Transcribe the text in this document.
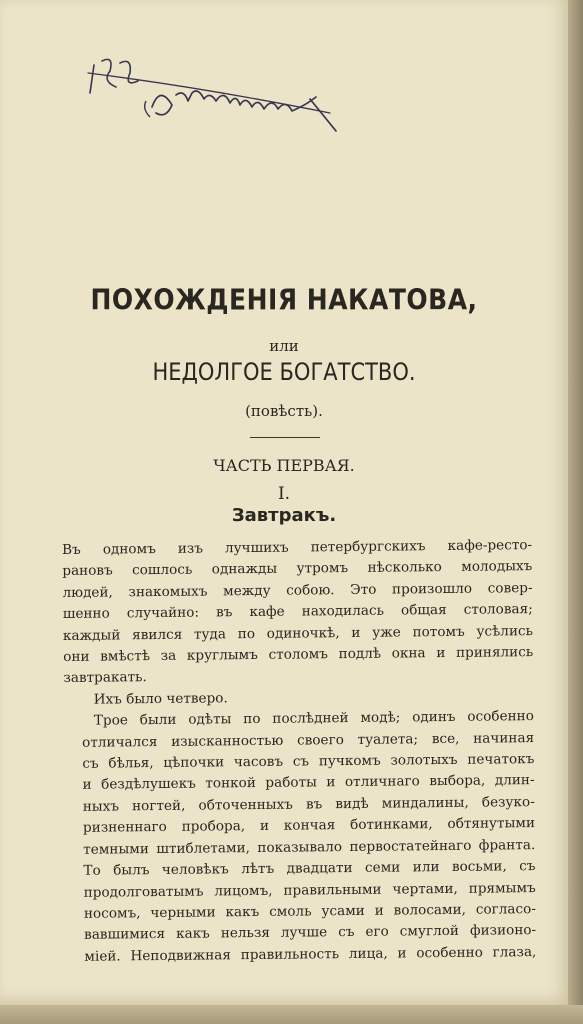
ПОХОЖДЕНІЯ НАКАТОВА,
или
НЕДОЛГОЕ БОГАТСТВО.
(повѣсть).
ЧАСТЬ ПЕРВАЯ.
I.
Завтракъ.

Въ одномъ изъ лучшихъ петербургскихъ кафе-ресто-
рановъ сошлось однажды утромъ нѣсколько молодыхъ
людей, знакомыхъ между собою. Это произошло совер-
шенно случайно: въ кафе находилась общая столовая;
каждый явился туда по одиночкѣ, и уже потомъ усѣлись
они вмѣстѣ за круглымъ столомъ подлѣ окна и принялись
завтракать.

Ихъ было четверо.

Трое были одѣты по послѣдней модѣ; одинъ особенно
отличался изысканностью своего туалета; все, начиная
съ бѣлья, цѣпочки часовъ съ пучкомъ золотыхъ печатокъ
и бездѣлушекъ тонкой работы и отличнаго выбора, длин-
ныхъ ногтей, обточенныхъ въ видѣ миндалины, безуко-
ризненнаго пробора, и кончая ботинками, обтянутыми
темными штиблетами, показывало первостатейнаго франта.
То былъ человѣкъ лѣтъ двадцати семи или восьми, съ
продолговатымъ лицомъ, правильными чертами, прямымъ
носомъ, черными какъ смоль усами и волосами, согласо-
вавшимися какъ нельзя лучше съ его смуглой физионо-
міей. Неподвижная правильность лица, и особенно глаза,
